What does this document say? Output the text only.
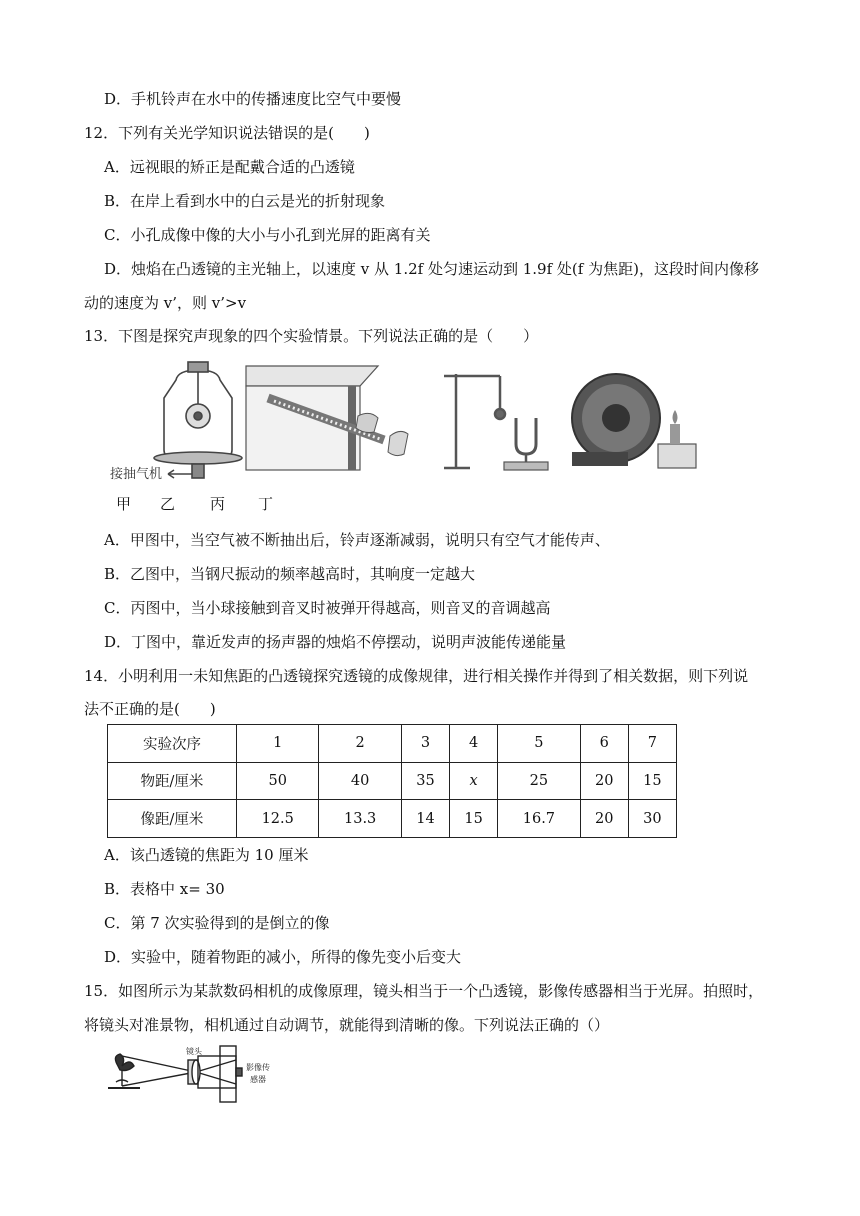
D．手机铃声在水中的传播速度比空气中要慢
12．下列有关光学知识说法错误的是(　　)
A．远视眼的矫正是配戴合适的凸透镜
B．在岸上看到水中的白云是光的折射现象
C．小孔成像中像的大小与小孔到光屏的距离有关
D．烛焰在凸透镜的主光轴上，以速度 v 从 1.2f 处匀速运动到 1.9f 处(f 为焦距)，这段时间内像移
动的速度为 v’，则 v’>v
13．下图是探究声现象的四个实验情景。下列说法正确的是（　　）
接抽气机
甲 乙 丙 丁
A．甲图中，当空气被不断抽出后，铃声逐渐减弱，说明只有空气才能传声、
B．乙图中，当钢尺振动的频率越高时，其响度一定越大
C．丙图中，当小球接触到音叉时被弹开得越高，则音叉的音调越高
D．丁图中，靠近发声的扬声器的烛焰不停摆动，说明声波能传递能量
14．小明利用一未知焦距的凸透镜探究透镜的成像规律，进行相关操作并得到了相关数据，则下列说
法不正确的是(　　)
实验次序	1	2	3	4	5	6	7
物距/厘米	50	40	35	x	25	20	15
像距/厘米	12.5	13.3	14	15	16.7	20	30
A．该凸透镜的焦距为 10 厘米
B．表格中 x= 30
C．第 7 次实验得到的是倒立的像
D．实验中，随着物距的减小，所得的像先变小后变大
15．如图所示为某款数码相机的成像原理，镜头相当于一个凸透镜，影像传感器相当于光屏。拍照时，
将镜头对准景物，相机通过自动调节，就能得到清晰的像。下列说法正确的（）
镜头
影像传
感器
